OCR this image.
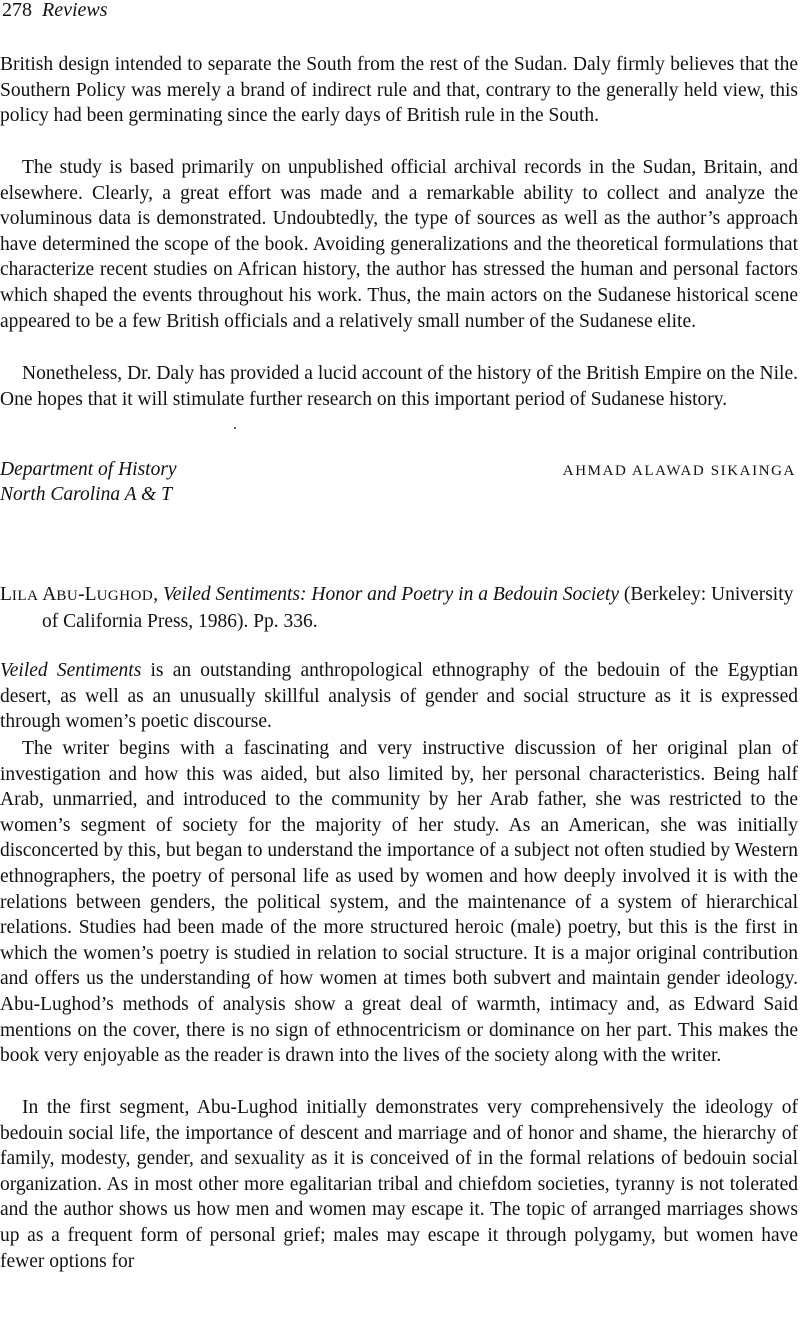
278 Reviews

British design intended to separate the South from the rest of the Sudan. Daly firmly believes that the Southern Policy was merely a brand of indirect rule and that, contrary to the generally held view, this policy had been germinating since the early days of British rule in the South.

The study is based primarily on unpublished official archival records in the Sudan, Britain, and elsewhere. Clearly, a great effort was made and a remarkable ability to collect and analyze the voluminous data is demonstrated. Undoubtedly, the type of sources as well as the author’s approach have determined the scope of the book. Avoiding generalizations and the theoretical formulations that characterize recent studies on African history, the author has stressed the human and personal factors which shaped the events throughout his work. Thus, the main actors on the Sudanese historical scene appeared to be a few British officials and a relatively small number of the Sudanese elite.

Nonetheless, Dr. Daly has provided a lucid account of the history of the British Empire on the Nile. One hopes that it will stimulate further research on this important period of Sudanese history.

Department of History
North Carolina A & T
AHMAD ALAWAD SIKAINGA

LILA ABU-LUGHOD, Veiled Sentiments: Honor and Poetry in a Bedouin Society (Berkeley: University of California Press, 1986). Pp. 336.

Veiled Sentiments is an outstanding anthropological ethnography of the bedouin of the Egyptian desert, as well as an unusually skillful analysis of gender and social structure as it is expressed through women’s poetic discourse.

The writer begins with a fascinating and very instructive discussion of her original plan of investigation and how this was aided, but also limited by, her personal characteristics. Being half Arab, unmarried, and introduced to the community by her Arab father, she was restricted to the women’s segment of society for the majority of her study. As an American, she was initially disconcerted by this, but began to understand the importance of a subject not often studied by Western ethnographers, the poetry of personal life as used by women and how deeply involved it is with the relations between genders, the political system, and the maintenance of a system of hierarchical relations. Studies had been made of the more structured heroic (male) poetry, but this is the first in which the women’s poetry is studied in relation to social structure. It is a major original contribution and offers us the understanding of how women at times both subvert and maintain gender ideology. Abu-Lughod’s methods of analysis show a great deal of warmth, intimacy and, as Edward Said mentions on the cover, there is no sign of ethnocentricism or dominance on her part. This makes the book very enjoyable as the reader is drawn into the lives of the society along with the writer.

In the first segment, Abu-Lughod initially demonstrates very comprehensively the ideology of bedouin social life, the importance of descent and marriage and of honor and shame, the hierarchy of family, modesty, gender, and sexuality as it is conceived of in the formal relations of bedouin social organization. As in most other more egalitarian tribal and chiefdom societies, tyranny is not tolerated and the author shows us how men and women may escape it. The topic of arranged marriages shows up as a frequent form of personal grief; males may escape it through polygamy, but women have fewer options for
